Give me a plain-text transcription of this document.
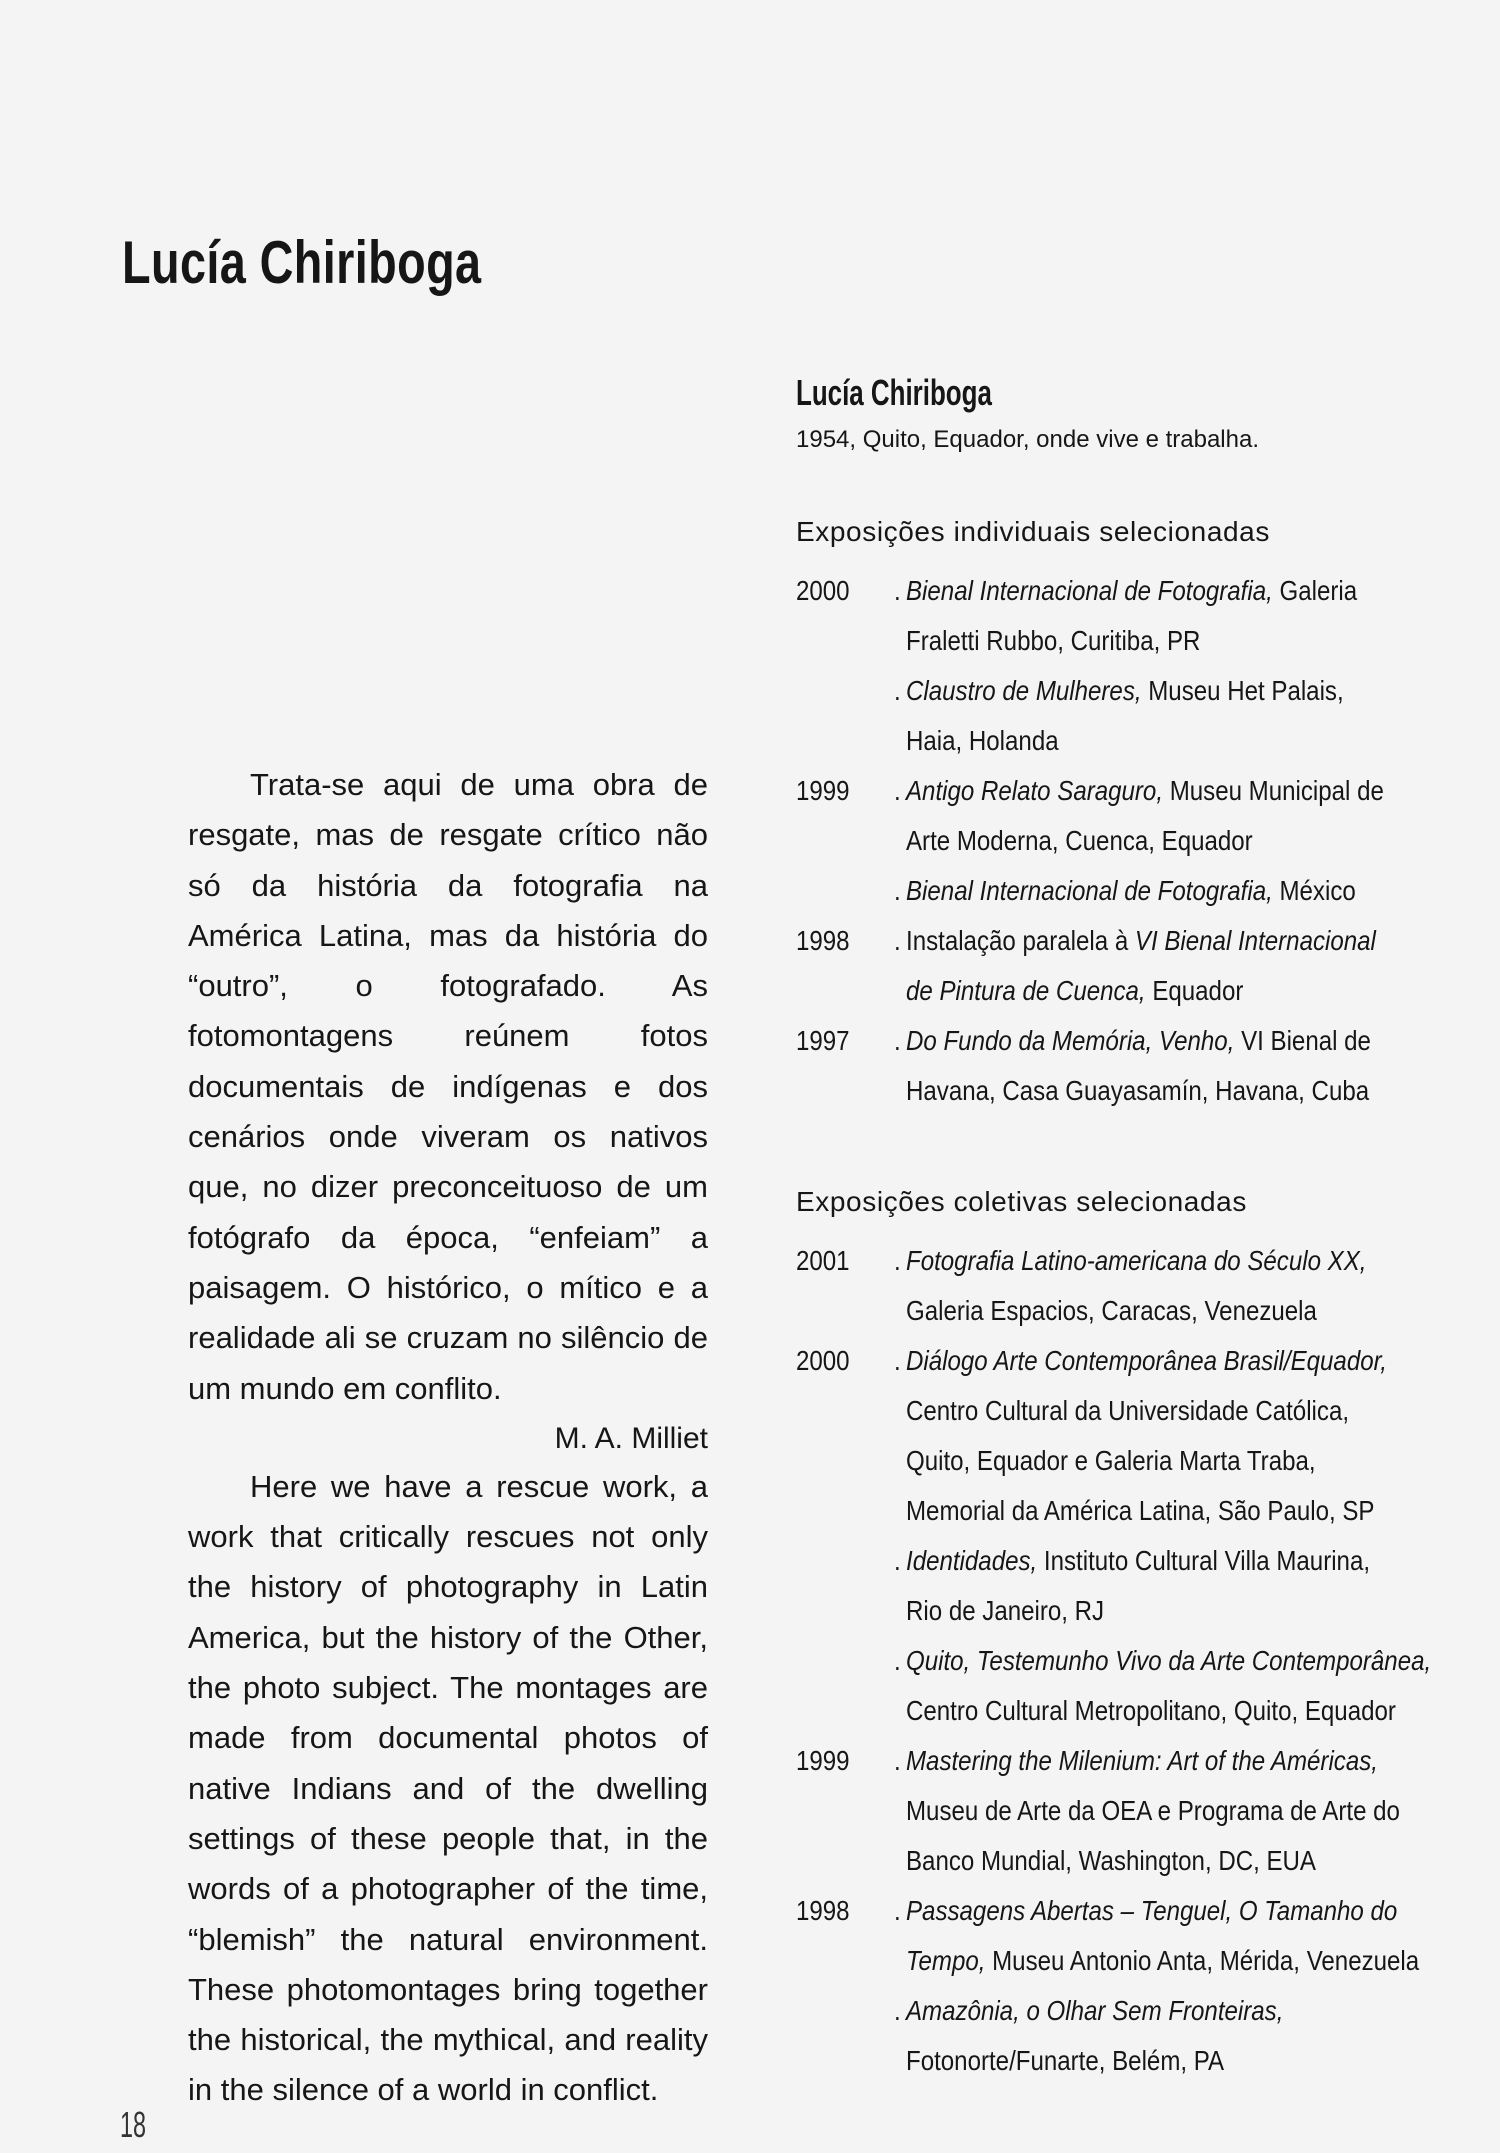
Lucía Chiriboga

Trata-se aqui de uma obra de resgate, mas de resgate crítico não só da história da fotografia na América Latina, mas da história do “outro”, o fotografado. As fotomontagens reúnem fotos documentais de indígenas e dos cenários onde viveram os nativos que, no dizer preconceituoso de um fotógrafo da época, “enfeiam” a paisagem. O histórico, o mítico e a realidade ali se cruzam no silêncio de um mundo em conflito.

M. A. Milliet

Here we have a rescue work, a work that critically rescues not only the history of photography in Latin America, but the history of the Other, the photo subject. The montages are made from documental photos of native Indians and of the dwelling settings of these people that, in the words of a photographer of the time, “blemish” the natural environment. These photomontages bring together the historical, the mythical, and reality in the silence of a world in conflict.

Lucía Chiriboga
1954, Quito, Equador, onde vive e trabalha.
Exposições individuais selecionadas
2000	. Bienal Internacional de Fotografia, Galeria
Fraletti Rubbo, Curitiba, PR
. Claustro de Mulheres, Museu Het Palais,
Haia, Holanda
1999	. Antigo Relato Saraguro, Museu Municipal de
Arte Moderna, Cuenca, Equador
. Bienal Internacional de Fotografia, México
1998	. Instalação paralela à VI Bienal Internacional
de Pintura de Cuenca, Equador
1997	. Do Fundo da Memória, Venho, VI Bienal de
Havana, Casa Guayasamín, Havana, Cuba
Exposições coletivas selecionadas
2001	. Fotografia Latino-americana do Século XX,
Galeria Espacios, Caracas, Venezuela
2000	. Diálogo Arte Contemporânea Brasil/Equador,
Centro Cultural da Universidade Católica,
Quito, Equador e Galeria Marta Traba,
Memorial da América Latina, São Paulo, SP
. Identidades, Instituto Cultural Villa Maurina,
Rio de Janeiro, RJ
. Quito, Testemunho Vivo da Arte Contemporânea,
Centro Cultural Metropolitano, Quito, Equador
1999	. Mastering the Milenium: Art of the Américas,
Museu de Arte da OEA e Programa de Arte do
Banco Mundial, Washington, DC, EUA
1998	. Passagens Abertas – Tenguel, O Tamanho do
Tempo, Museu Antonio Anta, Mérida, Venezuela
. Amazônia, o Olhar Sem Fronteiras,
Fotonorte/Funarte, Belém, PA
18
